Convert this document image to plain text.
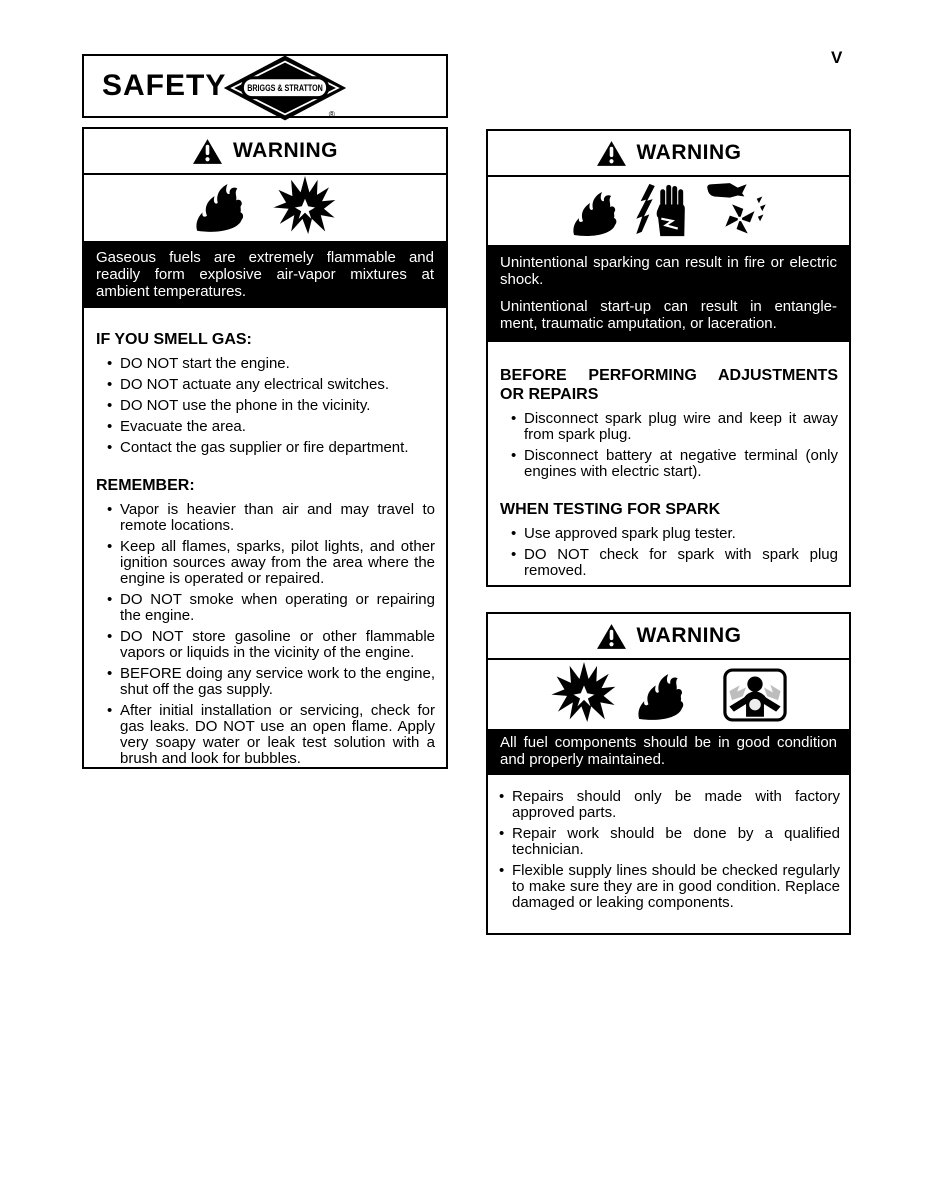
V
SAFETY BRIGGS & STRATTON
®
WARNING
Gaseous fuels are extremely flammable and
readily form explosive air-vapor mixtures at
ambient temperatures.
IF YOU SMELL GAS:
• DO NOT start the engine.
• DO NOT actuate any electrical switches.
• DO NOT use the phone in the vicinity.
• Evacuate the area.
• Contact the gas supplier or fire department.
REMEMBER:
• Vapor is heavier than air and may travel to remote locations.
• Keep all flames, sparks, pilot lights, and other ignition sources away from the area where the engine is operated or repaired.
• DO NOT smoke when operating or repairing the engine.
• DO NOT store gasoline or other flammable vapors or liquids in the vicinity of the engine.
• BEFORE doing any service work to the engine, shut off the gas supply.
• After initial installation or servicing, check for gas leaks. DO NOT use an open flame. Apply very soapy water or leak test solution with a brush and look for bubbles.
WARNING
Unintentional sparking can result in fire or electric
shock.
Unintentional start-up can result in entangle-
ment, traumatic amputation, or laceration.
BEFORE PERFORMING ADJUSTMENTS
OR REPAIRS
• Disconnect spark plug wire and keep it away from spark plug.
• Disconnect battery at negative terminal (only engines with electric start).
WHEN TESTING FOR SPARK
• Use approved spark plug tester.
• DO NOT check for spark with spark plug removed.
WARNING
All fuel components should be in good condition
and properly maintained.
• Repairs should only be made with factory approved parts.
• Repair work should be done by a qualified technician.
• Flexible supply lines should be checked regularly to make sure they are in good condition. Replace damaged or leaking components.
